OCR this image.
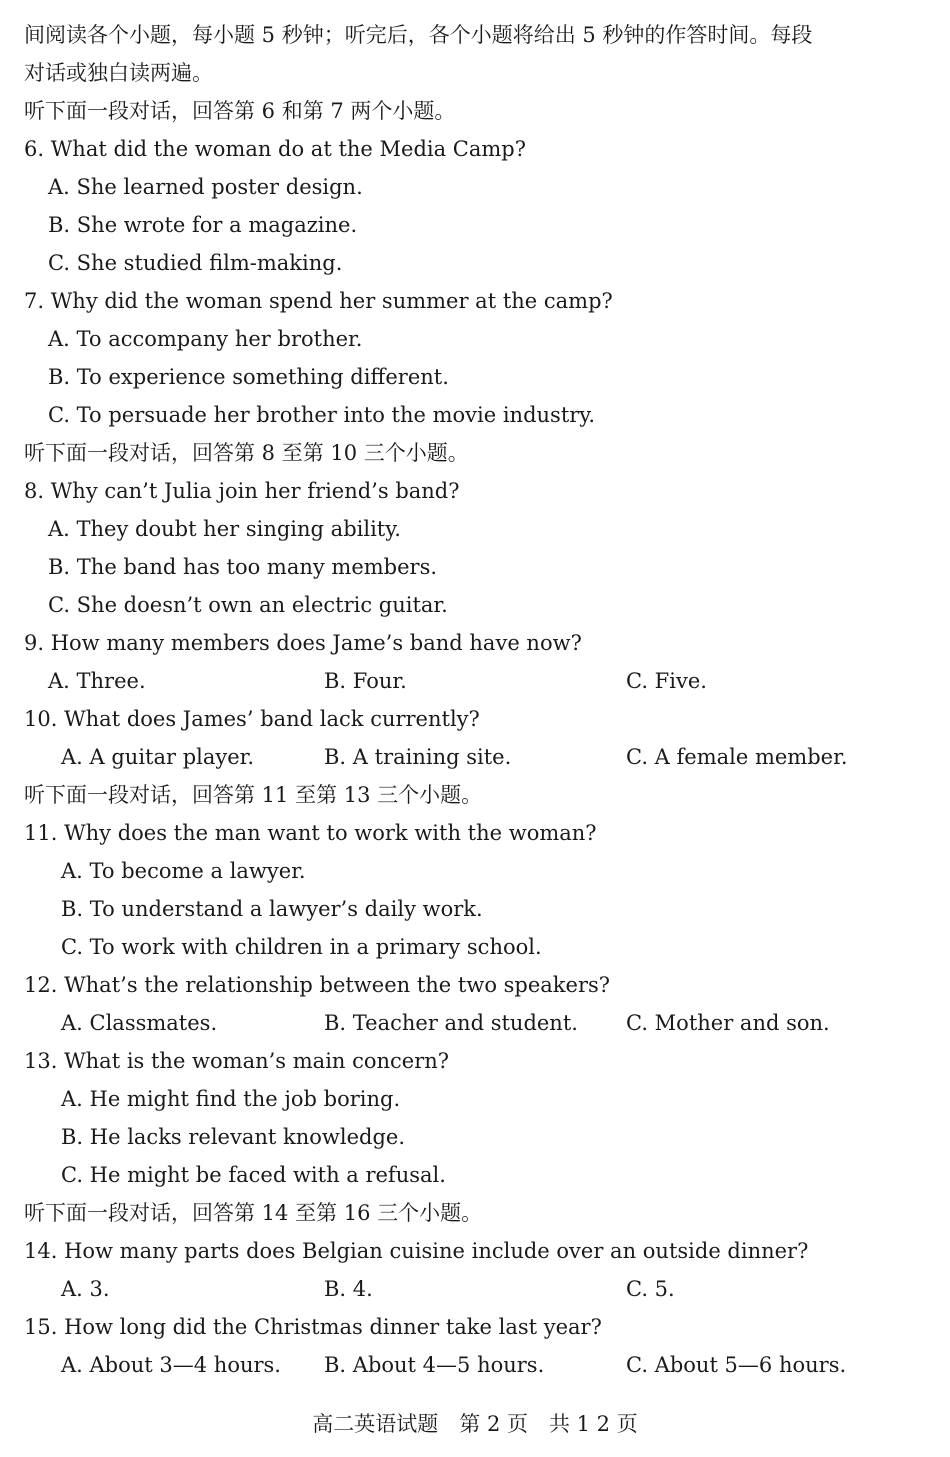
间阅读各个小题，每小题 5 秒钟；听完后，各个小题将给出 5 秒钟的作答时间。每段
对话或独白读两遍。
听下面一段对话，回答第 6 和第 7 两个小题。
6. What did the woman do at the Media Camp?
A. She learned poster design.
B. She wrote for a magazine.
C. She studied film-making.
7. Why did the woman spend her summer at the camp?
A. To accompany her brother.
B. To experience something different.
C. To persuade her brother into the movie industry.
听下面一段对话，回答第 8 至第 10 三个小题。
8. Why can’t Julia join her friend’s band?
A. They doubt her singing ability.
B. The band has too many members.
C. She doesn’t own an electric guitar.
9. How many members does Jame’s band have now?
A. Three.	B. Four.	C. Five.
10. What does James’ band lack currently?
A. A guitar player.	B. A training site.	C. A female member.
听下面一段对话，回答第 11 至第 13 三个小题。
11. Why does the man want to work with the woman?
A. To become a lawyer.
B. To understand a lawyer’s daily work.
C. To work with children in a primary school.
12. What’s the relationship between the two speakers?
A. Classmates.	B. Teacher and student. C. Mother and son.
13. What is the woman’s main concern?
A. He might find the job boring.
B. He lacks relevant knowledge.
C. He might be faced with a refusal.
听下面一段对话，回答第 14 至第 16 三个小题。
14. How many parts does Belgian cuisine include over an outside dinner?
A. 3.	B. 4.	C. 5.
15. How long did the Christmas dinner take last year?
A. About 3—4 hours. B. About 4—5 hours.	C. About 5—6 hours.
高二英语试题　第 2 页　共 1 2 页
